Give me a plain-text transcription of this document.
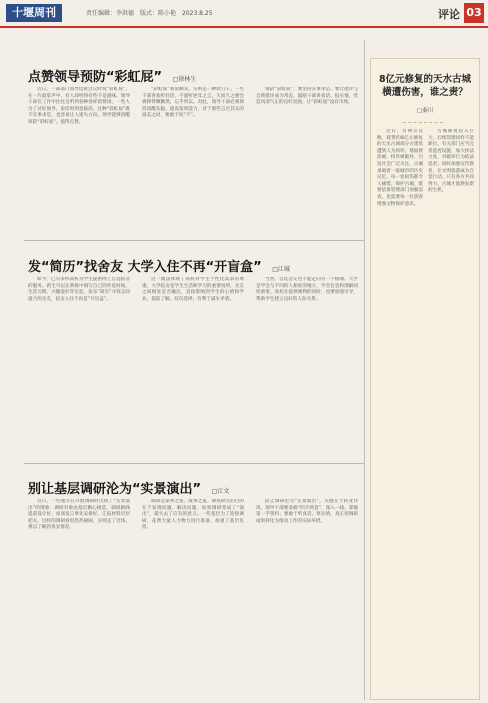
十堰周刊	责任编辑：李洪德　版式：陈小艳　2023.8.25	评论 03
点赞领导预防“彩虹屁” □徐林生

近日，一部部门领导出席会议时说“彩虹屁”，在一片鼓掌声中，有人却听得有些不是滋味。领导干部在工作中往往会听到各种各样的赞扬，一些人为了讨好领导，说话时刻意拔高，这种“彩虹屁”既不实事求是，也容易让人迷失方向。领导能够清醒预防“彩虹屁”，值得点赞。

“彩虹屁”看似顺耳，实则是一种软刀子。一些干部喜欢听好话，不爱听逆耳之言，久而久之便会被捧得飘飘然，忘乎所以。对此，领导干部必须保持清醒头脑，提高鉴别能力，对于那些言过其实的溢美之词，要敢于说“不”。

预防“彩虹屁”，要坚持实事求是。要让批评与自我批评成为常态，鼓励干部讲真话、报实情，营造风清气正的良好氛围，让“彩虹屁”没有市场。

发“简历”找舍友 大学入住不再“开盲盒” □江城

如今，已有多所高校为学生提供网上自选宿舍的服务。新生可以在系统中填写自己的作息时间、生活习惯、兴趣爱好等信息，发布“简历”寻找志同道合的舍友，宿舍入住不再是“开盲盒”。

这一做法体现了高校对学生个性化需求的尊重。大学宿舍是学生生活和学习的重要场所，舍友之间相处是否融洽，直接影响到学生的心情和学业。提前了解、双向选择，有利于减少矛盾。

当然，自选舍友也不能走向另一个极端。大学是学会与不同的人相处的地方，学会包容和理解同样重要。高校在提供便利的同时，也要加强引导，帮助学生建立良好的人际关系。

别让基层调研沦为“实景演出” □江文

近日，一些地方在开展调研时出现了“实景演出”的现象：调研对象由基层精心挑选，调研路线提前设计好，座谈发言事先安排好，汇报材料层层把关。这样的调研看似热热闹闹，实则走了过场，难以了解到真实情况。

调研是谋事之基、成事之道。调查研究的目的在于发现问题、解决问题，如果调研变成了“演出”，就失去了应有的意义。一些基层为了迎接调研，花费大量人力物力进行准备，加重了基层负担。

防止调研沦为“实景演出”，关键在于转变作风。领导干部要多搞“四不两直”，深入一线，掌握第一手资料；要敢于听真话、察实情，真正把调研成果转化为推动工作的实际举措。

8亿元修复的天水古城　横遭伤害，谁之责？
□秦川

近日，有网友反映，耗资约8亿元修复的天水古城部分古建筑遭到人为损坏，墙面被涂画、构件被破坏，引发社会广泛关注。古城承载着一座城市的历史记忆，每一处损伤都令人痛惜。保护古城，既要依靠管理部门加强巡查，也需要每一位游客增强文物保护意识。

古城修复投入巨大，后续管理同样不能缺位。有关部门应当完善监控设施，加大执法力度，对破坏行为依法追责；同时加强宣传教育，让文明旅游成为自觉行动。只有各方共同努力，古城才能焕发新的生机。
